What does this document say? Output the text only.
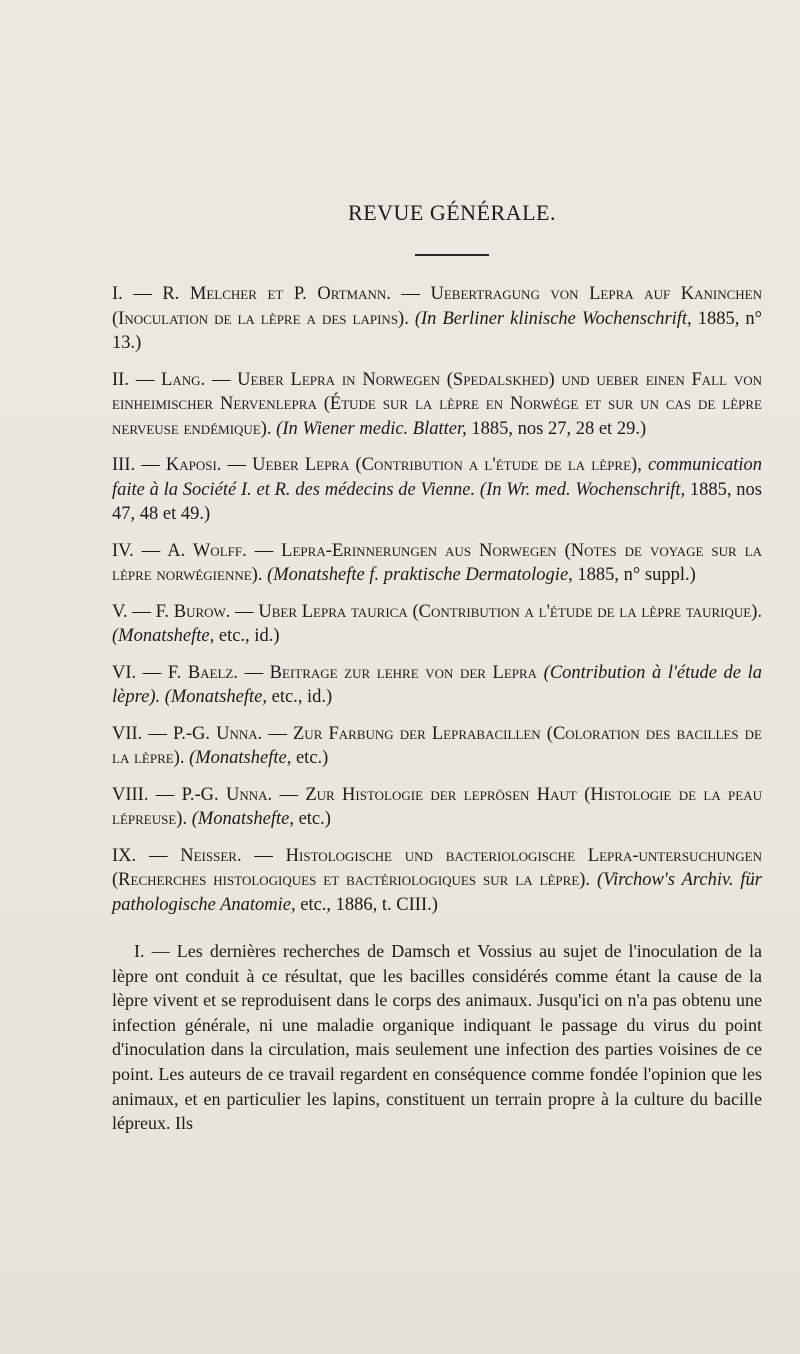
REVUE GÉNÉRALE.

I. — R. Melcher et P. Ortmann. — Uebertragung von Lepra auf Kaninchen (Inoculation de la lèpre a des lapins). (In Berliner klinische Wochenschrift, 1885, n° 13.)

II. — Lang. — Ueber Lepra in Norwegen (Spedalskhed) und ueber einen Fall von einheimischer Nervenlepra (Étude sur la lèpre en Norwége et sur un cas de lèpre nerveuse endémique). (In Wiener medic. Blatter, 1885, nos 27, 28 et 29.)

III. — Kaposi. — Ueber Lepra (Contribution a l'étude de la lèpre), communication faite à la Société I. et R. des médecins de Vienne. (In Wr. med. Wochenschrift, 1885, nos 47, 48 et 49.)

IV. — A. Wolff. — Lepra-Erinnerungen aus Norwegen (Notes de voyage sur la lèpre norwégienne). (Monatshefte f. praktische Dermatologie, 1885, n° suppl.)

V. — F. Burow. — Uber Lepra taurica (Contribution a l'étude de la lèpre taurique). (Monatshefte, etc., id.)

VI. — F. Baelz. — Beitrage zur lehre von der Lepra (Contribution à l'étude de la lèpre). (Monatshefte, etc., id.)

VII. — P.-G. Unna. — Zur Farbung der Leprabacillen (Coloration des bacilles de la lèpre). (Monatshefte, etc.)

VIII. — P.-G. Unna. — Zur Histologie der leprösen Haut (Histologie de la peau lépreuse). (Monatshefte, etc.)

IX. — Neisser. — Histologische und bacteriologische Lepra-untersuchungen (Recherches histologiques et bactériologiques sur la lèpre). (Virchow's Archiv. für pathologische Anatomie, etc., 1886, t. CIII.)

I. — Les dernières recherches de Damsch et Vossius au sujet de l'inoculation de la lèpre ont conduit à ce résultat, que les bacilles considérés comme étant la cause de la lèpre vivent et se reproduisent dans le corps des animaux. Jusqu'ici on n'a pas obtenu une infection générale, ni une maladie organique indiquant le passage du virus du point d'inoculation dans la circulation, mais seulement une infection des parties voisines de ce point. Les auteurs de ce travail regardent en conséquence comme fondée l'opinion que les animaux, et en particulier les lapins, constituent un terrain propre à la culture du bacille lépreux. Ils
